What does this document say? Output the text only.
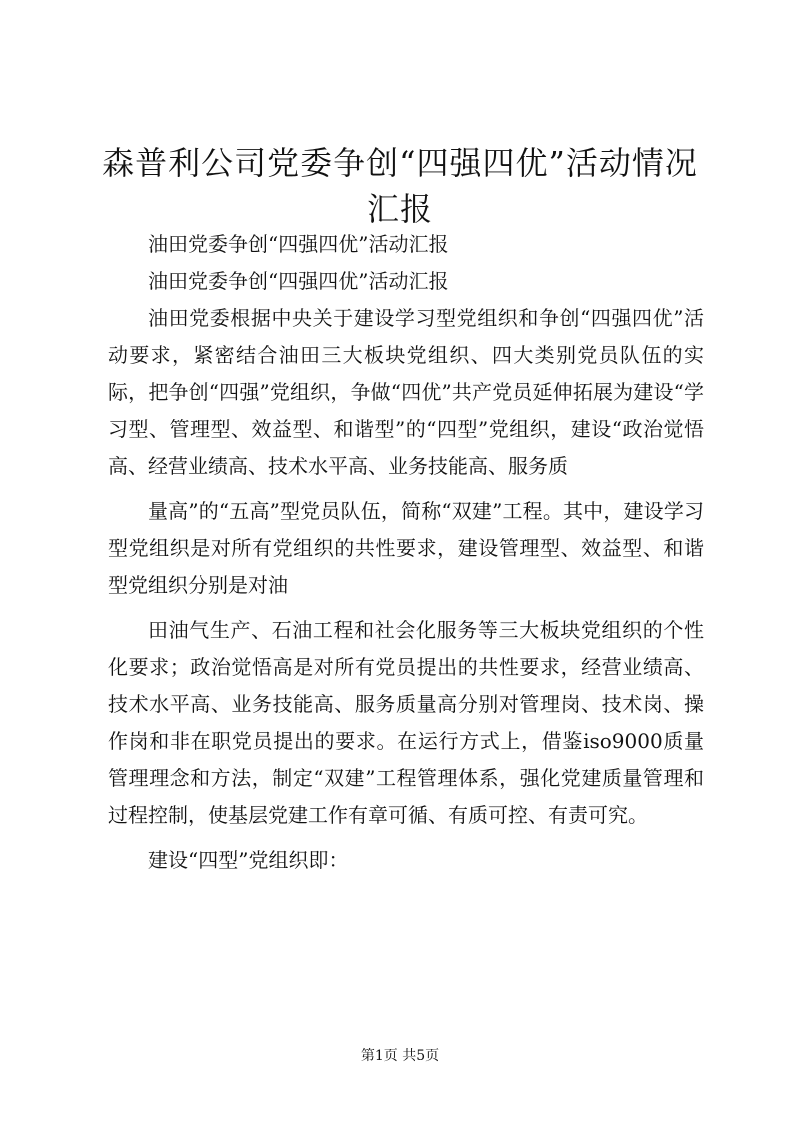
森普利公司党委争创“四强四优”活动情况汇报

油田党委争创“四强四优”活动汇报

油田党委争创“四强四优”活动汇报

油田党委根据中央关于建设学习型党组织和争创“四强四优”活动要求，紧密结合油田三大板块党组织、四大类别党员队伍的实际，把争创“四强”党组织，争做“四优”共产党员延伸拓展为建设“学习型、管理型、效益型、和谐型”的“四型”党组织，建设“政治觉悟高、经营业绩高、技术水平高、业务技能高、服务质

量高”的“五高”型党员队伍，简称“双建”工程。其中，建设学习型党组织是对所有党组织的共性要求，建设管理型、效益型、和谐型党组织分别是对油

田油气生产、石油工程和社会化服务等三大板块党组织的个性化要求；政治觉悟高是对所有党员提出的共性要求，经营业绩高、技术水平高、业务技能高、服务质量高分别对管理岗、技术岗、操作岗和非在职党员提出的要求。在运行方式上，借鉴iso9000质量管理理念和方法，制定“双建”工程管理体系，强化党建质量管理和过程控制，使基层党建工作有章可循、有质可控、有责可究。

建设“四型”党组织即：

第1页 共5页
